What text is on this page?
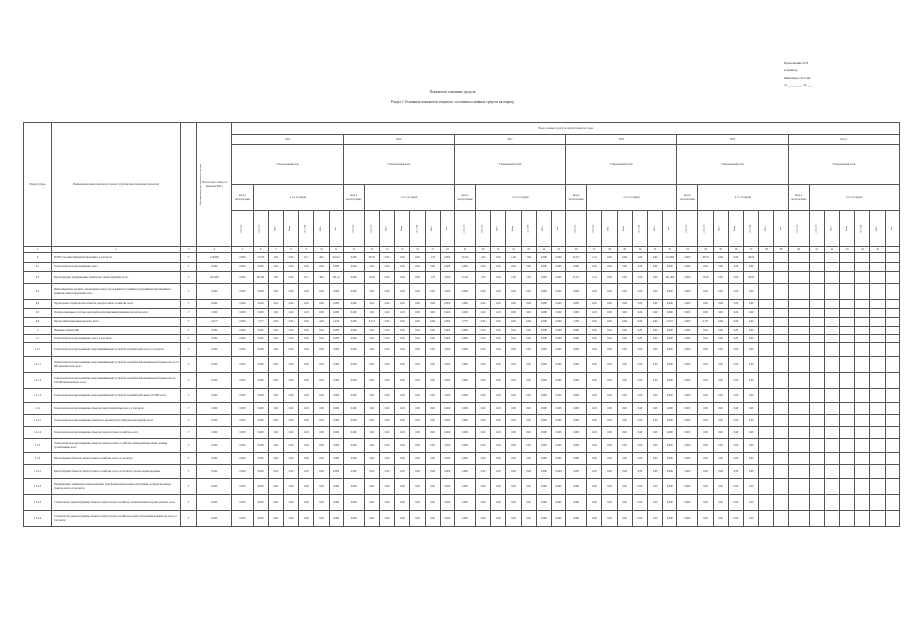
Приложение № 8
к приказу
Минэнерго России
от __.__.____ № ___
Показатели основных средств
Раздел 1 Основные показатели текущего состояния основных средств на период
Номер группы	Наименование инвестиционного проекта (группы инвестиционных проектов)	Идентификатор инвестиционного проекта	Прогнозная стоимость (включая НДС)	Ввод основных средств в эксплуатацию по годам																																									
				2025							2026							2027							2028							2029							Итого						
				Утвержденный план							Утвержденный план							Утвержденный план							Утвержденный план							Утвержденный план							Утвержденный план						
				ввод в эксплуатацию	в т.ч. по видам						ввод в эксплуатацию	в т.ч. по видам						ввод в эксплуатацию	в т.ч. по видам						ввод в эксплуатацию	в т.ч. по видам						ввод в эксплуатацию	в т.ч. по видам						ввод в эксплуатацию	в т.ч. по видам					
				млн руб.	млн руб.	МВт	Мвар	км ЛЭП	МВА	шт	млн руб.	млн руб.	МВт	Мвар	км ЛЭП	МВА	шт	млн руб.	млн руб.	МВт	Мвар	км ЛЭП	МВА	шт	млн руб.	млн руб.	МВт	Мвар	км ЛЭП	МВА	шт	млн руб.	млн руб.	МВт	Мвар	км ЛЭП	МВА	шт	млн руб.	млн руб.	МВт	Мвар	км ЛЭП	МВА	шт
1	2	3	4	5	6	7	8	9	10	11	12	13	14	15	16	17	18	19	20	21	22	23	24	25	26	27	28	29	30	31	32	33	34	35	36	37	38	39	40	41	42	43	44	45	
0	ВСЕГО по инвестиционной программе, в том числе:	Г	214,906	0,000	72,915	1,03	0,00	0,17	40,0	214,91	0,000	80,70	0,00	0,00	0,00	1,70	0,000	12,214	1,03	0,00	1,00	7,00	0,000	0,000	12,271	1,10	0,00	0,00	2,00	0,00	214,906	0,000	80,70	0,00	0,00	40,00									
0.1	Технологическое присоединение, всего	Г	0,000	0,000	0,000	0,00	0,00	0,00	0,00	0,000	0,000	0,00	0,00	0,00	0,00	0,00	0,000	0,000	0,00	0,00	0,00	0,00	0,000	0,000	0,000	0,00	0,00	0,00	0,00	0,00	0,000	0,000	0,00	0,00	0,00	0,00									
0.2	Реконструкция, модернизация, техническое перевооружение, всего	Г	201,406	0,000	66,345	1,03	0,00	0,17	36,0	201,41	0,000	74,56	0,00	0,00	0,00	1,70	0,000	11,431	1,03	0,00	1,00	7,00	0,000	0,000	11,271	1,10	0,00	0,00	2,00	0,00	201,406	0,000	74,56	0,00	0,00	36,00									
0.3	Инвестиционные проекты, реализация которых обусловливается схемами и программами перспективного развития электроэнергетики, всего	Г	0,000	0,000	0,000	0,00	0,00	0,00	0,00	0,000	0,000	0,00	0,00	0,00	0,00	0,00	0,000	0,000	0,00	0,00	0,00	0,00	0,000	0,000	0,000	0,00	0,00	0,00	0,00	0,00	0,000	0,000	0,00	0,00	0,00	0,00									
0.4	Прочее новое строительство объектов электросетевого хозяйства, всего	Г	0,000	0,000	0,000	0,00	0,00	0,00	0,00	0,000	0,000	0,00	0,00	0,00	0,00	0,00	0,000	0,000	0,00	0,00	0,00	0,00	0,000	0,000	0,000	0,00	0,00	0,00	0,00	0,00	0,000	0,000	0,00	0,00	0,00	0,00									
0.5	Покупка земельных участков для целей реализации инвестиционных проектов, всего	Г	0,000	0,000	0,000	0,00	0,00	0,00	0,00	0,000	0,000	0,00	0,00	0,00	0,00	0,00	0,000	0,000	0,00	0,00	0,00	0,00	0,000	0,000	0,000	0,00	0,00	0,00	0,00	0,00	0,000	0,000	0,00	0,00	0,00	0,00									
0.6	Прочие инвестиционные проекты, всего	Г	14,577	0,000	7,277	0,00	0,00	0,00	4,00	14,58	0,000	6,137	0,00	0,00	0,00	0,00	0,000	0,773	0,00	0,00	0,00	0,00	0,000	0,000	1,000	0,00	0,00	0,00	0,00	0,00	14,577	0,000	6,137	0,00	0,00	4,00									
1	Название субъекта РФ	Г	0,000	0,000	0,000	0,00	0,00	0,00	0,00	0,000	0,000	0,00	0,00	0,00	0,00	0,00	0,000	0,000	0,00	0,00	0,00	0,00	0,000	0,000	0,000	0,00	0,00	0,00	0,00	0,00	0,000	0,000	0,00	0,00	0,00	0,00									
1.1	Технологическое присоединение, всего, в том числе:	Г	0,000	0,000	0,000	0,00	0,00	0,00	0,00	0,000	0,000	0,00	0,00	0,00	0,00	0,00	0,000	0,000	0,00	0,00	0,00	0,00	0,000	0,000	0,000	0,00	0,00	0,00	0,00	0,00	0,000	0,000	0,00	0,00	0,00	0,00									
1.1.1	Технологическое присоединение энергопринимающих устройств потребителей, всего, в том числе:	Г	0,000	0,000	0,000	0,00	0,00	0,00	0,00	0,000	0,000	0,00	0,00	0,00	0,00	0,00	0,000	0,000	0,00	0,00	0,00	0,00	0,000	0,000	0,000	0,00	0,00	0,00	0,00	0,00	0,000	0,000	0,00	0,00	0,00	0,00									
1.1.1.1	Технологическое присоединение энергопринимающих устройств потребителей максимальной мощностью до 15 кВт включительно, всего	Г	0,000	0,000	0,000	0,00	0,00	0,00	0,00	0,000	0,000	0,00	0,00	0,00	0,00	0,00	0,000	0,000	0,00	0,00	0,00	0,00	0,000	0,000	0,000	0,00	0,00	0,00	0,00	0,00	0,000	0,000	0,00	0,00	0,00	0,00									
1.1.1.2	Технологическое присоединение энергопринимающих устройств потребителей максимальной мощностью до 150 кВт включительно, всего	Г	0,000	0,000	0,000	0,00	0,00	0,00	0,00	0,000	0,000	0,00	0,00	0,00	0,00	0,00	0,000	0,000	0,00	0,00	0,00	0,00	0,000	0,000	0,000	0,00	0,00	0,00	0,00	0,00	0,000	0,000	0,00	0,00	0,00	0,00									
1.1.1.3	Технологическое присоединение энергопринимающих устройств потребителей свыше 150 кВт, всего	Г	0,000	0,000	0,000	0,00	0,00	0,00	0,00	0,000	0,000	0,00	0,00	0,00	0,00	0,00	0,000	0,000	0,00	0,00	0,00	0,00	0,000	0,000	0,000	0,00	0,00	0,00	0,00	0,00	0,000	0,000	0,00	0,00	0,00	0,00									
1.1.2	Технологическое присоединение объектов электроэнергетики, всего, в том числе:	Г	0,000	0,000	0,000	0,00	0,00	0,00	0,00	0,000	0,000	0,00	0,00	0,00	0,00	0,00	0,000	0,000	0,00	0,00	0,00	0,00	0,000	0,000	0,000	0,00	0,00	0,00	0,00	0,00	0,000	0,000	0,00	0,00	0,00	0,00									
1.1.2.1	Технологическое присоединение объектов по производству электрической энергии, всего	Г	0,000	0,000	0,000	0,00	0,00	0,00	0,00	0,000	0,000	0,00	0,00	0,00	0,00	0,00	0,000	0,000	0,00	0,00	0,00	0,00	0,000	0,000	0,000	0,00	0,00	0,00	0,00	0,00	0,000	0,000	0,00	0,00	0,00	0,00									
1.1.2.2	Технологическое присоединение объектов электросетевого хозяйства, всего	Г	0,000	0,000	0,000	0,00	0,00	0,00	0,00	0,000	0,000	0,00	0,00	0,00	0,00	0,00	0,000	0,000	0,00	0,00	0,00	0,00	0,000	0,000	0,000	0,00	0,00	0,00	0,00	0,00	0,000	0,000	0,00	0,00	0,00	0,00									
1.1.3	Технологическое присоединение объектов электросетевого хозяйства, принадлежащих иным сетевым организациям, всего	Г	0,000	0,000	0,000	0,00	0,00	0,00	0,00	0,000	0,000	0,00	0,00	0,00	0,00	0,00	0,000	0,000	0,00	0,00	0,00	0,00	0,000	0,000	0,000	0,00	0,00	0,00	0,00	0,00	0,000	0,000	0,00	0,00	0,00	0,00									
1.1.4	Реконструкция объектов электросетевого хозяйства, всего, в том числе:	Г	0,000	0,000	0,000	0,00	0,00	0,00	0,00	0,000	0,000	0,00	0,00	0,00	0,00	0,00	0,000	0,000	0,00	0,00	0,00	0,00	0,000	0,000	0,000	0,00	0,00	0,00	0,00	0,00	0,000	0,000	0,00	0,00	0,00	0,00									
1.1.4.1	Реконструкция объектов электросетевого хозяйства, всего, в том числе: прочее перевооружение	Г	0,000	0,000	0,000	0,00	0,00	0,00	0,00	0,000	0,000	0,00	0,00	0,00	0,00	0,00	0,000	0,000	0,00	0,00	0,00	0,00	0,000	0,000	0,000	0,00	0,00	0,00	0,00	0,00	0,000	0,000	0,00	0,00	0,00	0,00									
1.1.4.2	Модернизация, техническое перевооружение трансформаторных и иных подстанций, распределительных пунктов, всего, в том числе:	Г	0,000	0,000	0,000	0,00	0,00	0,00	0,00	0,000	0,000	0,00	0,00	0,00	0,00	0,00	0,000	0,000	0,00	0,00	0,00	0,00	0,000	0,000	0,000	0,00	0,00	0,00	0,00	0,00	0,000	0,000	0,00	0,00	0,00	0,00									
1.1.4.3	Строительство (реконструкция) объектов электросетевого хозяйства, не включенных в прочие разделы, всего	Г	0,000	0,000	0,000	0,00	0,00	0,00	0,00	0,000	0,000	0,00	0,00	0,00	0,00	0,00	0,000	0,000	0,00	0,00	0,00	0,00	0,000	0,000	0,000	0,00	0,00	0,00	0,00	0,00	0,000	0,000	0,00	0,00	0,00	0,00									
1.1.4.4	Строительство (реконструкция) объектов электросетевого хозяйства в целях обеспечения надежности, всего, в том числе:	Г	0,000	0,000	0,000	0,00	0,00	0,00	0,00	0,000	0,000	0,00	0,00	0,00	0,00	0,00	0,000	0,000	0,00	0,00	0,00	0,00	0,000	0,000	0,000	0,00	0,00	0,00	0,00	0,00	0,000	0,000	0,00	0,00	0,00	0,00									
